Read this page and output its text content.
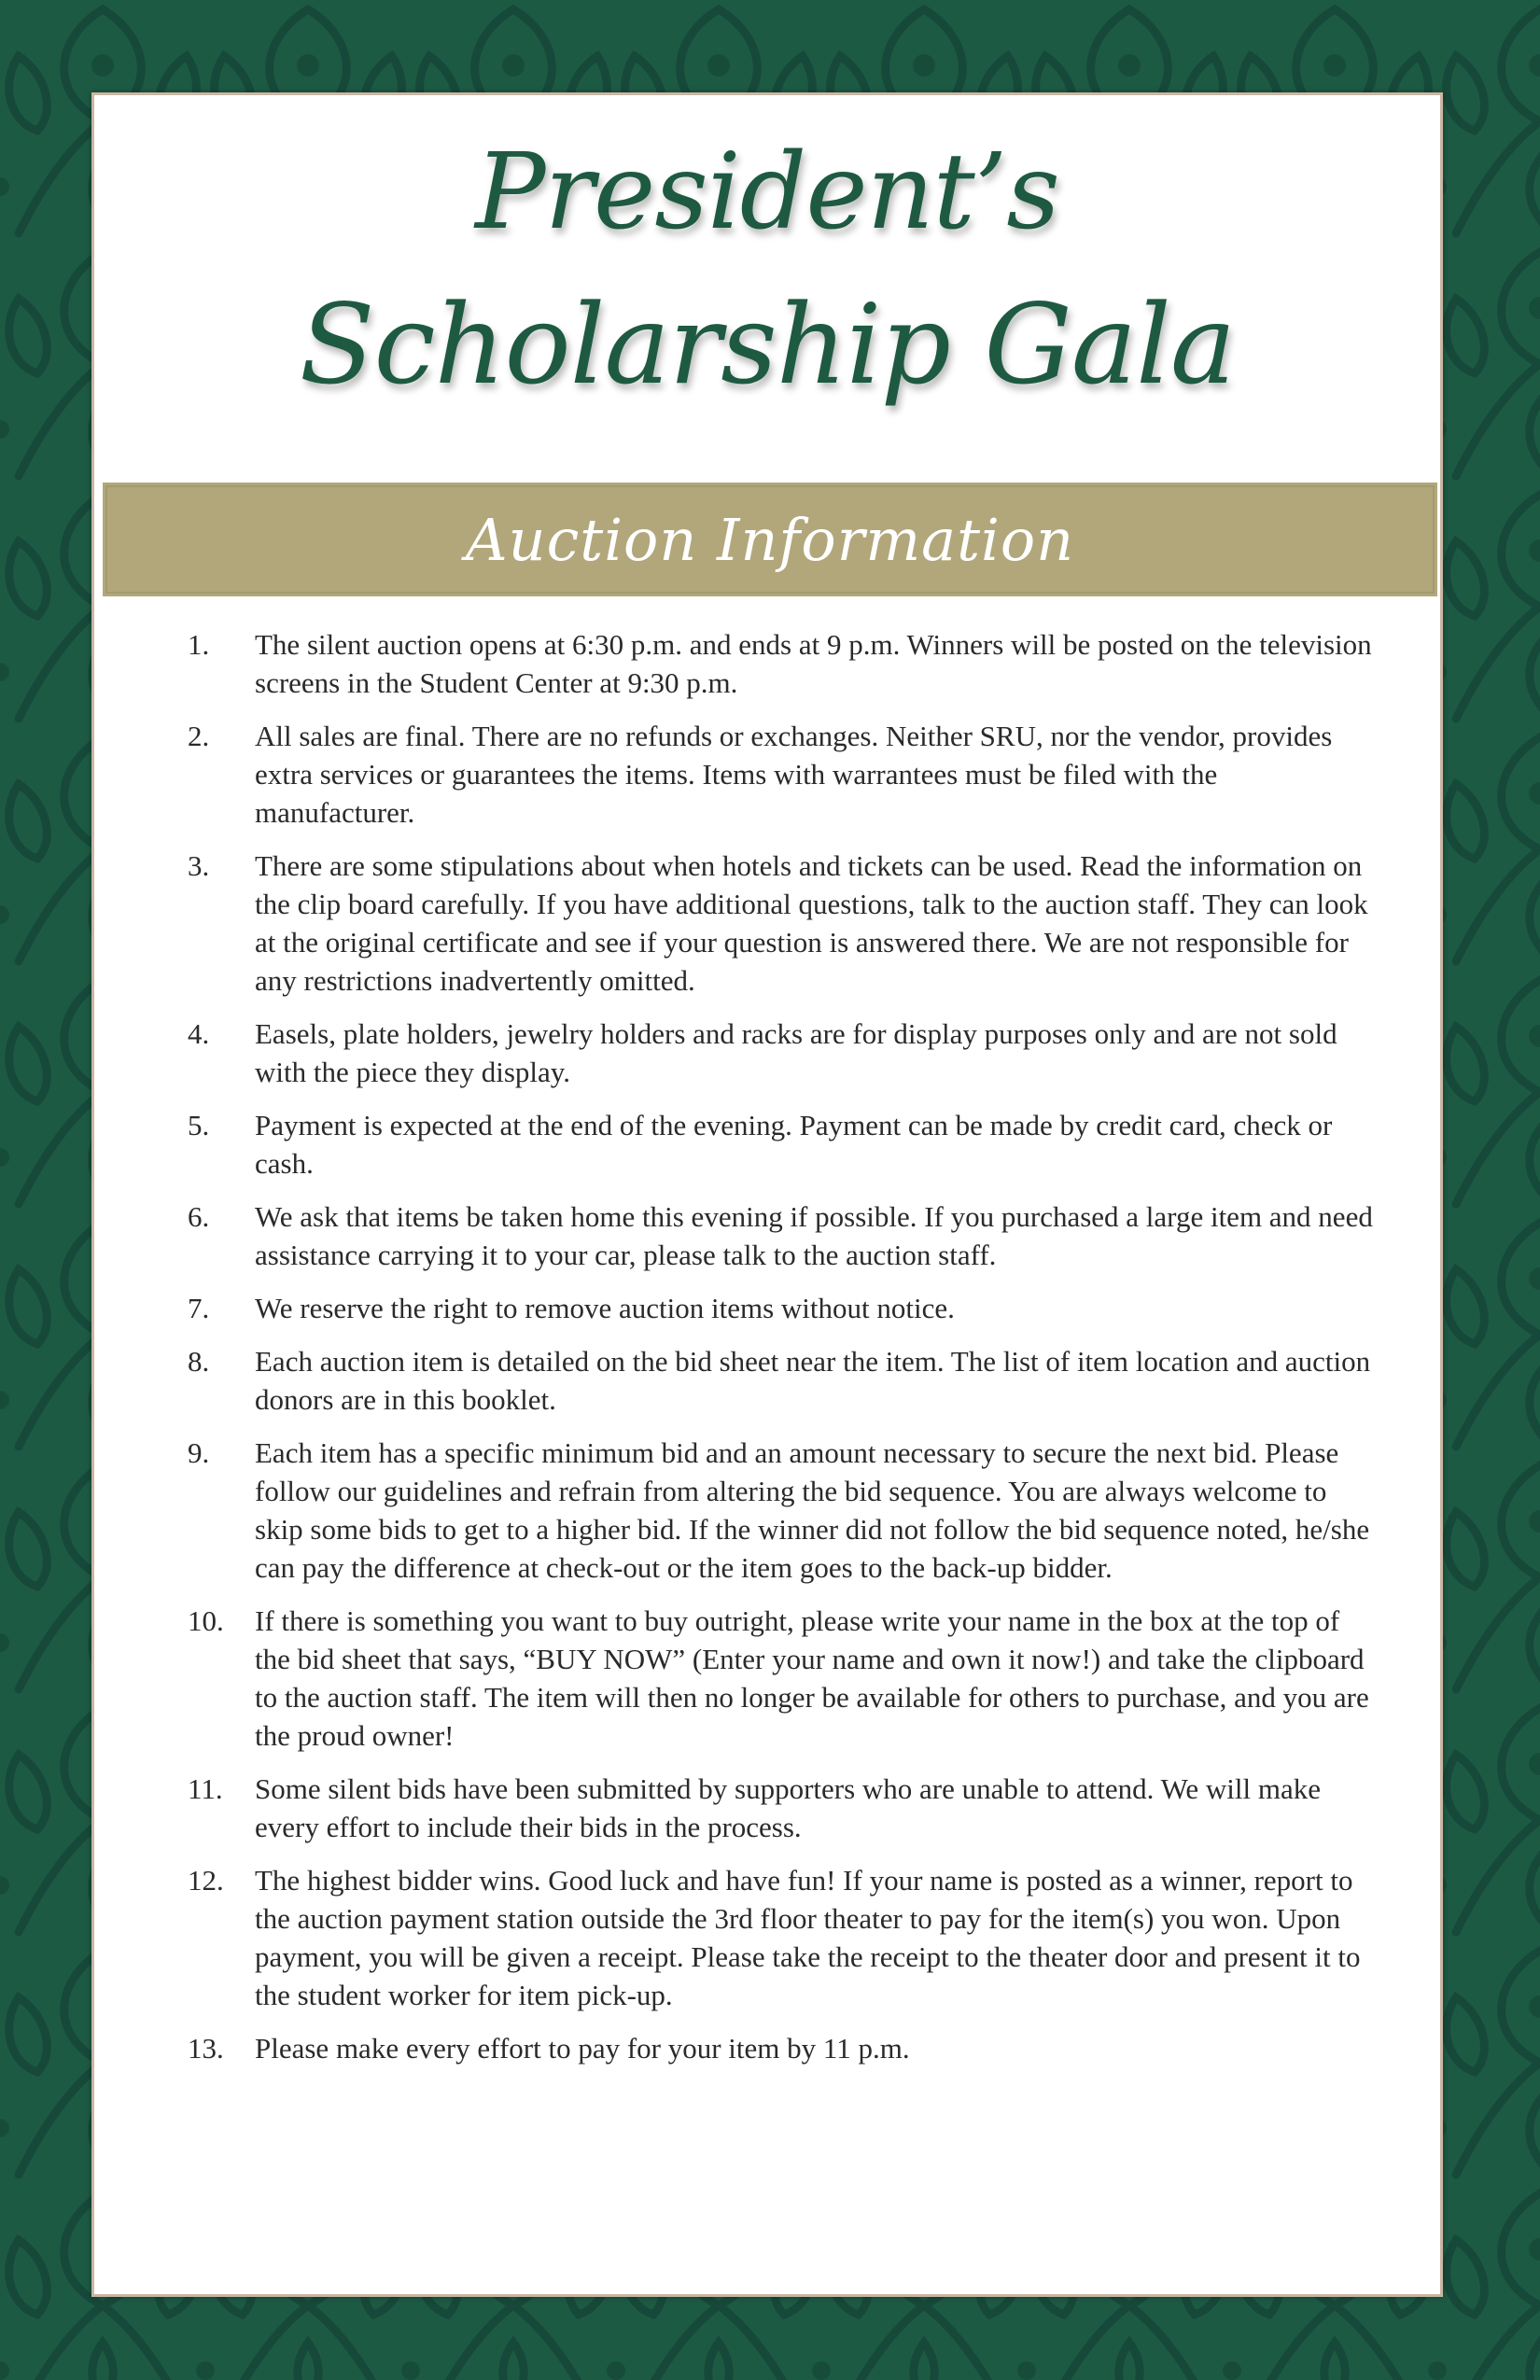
President’s
Scholarship Gala
Auction Information
1.	The silent auction opens at 6:30 p.m. and ends at 9 p.m. Winners will be posted on the television screens in the Student Center at 9:30 p.m.
2.	All sales are final. There are no refunds or exchanges. Neither SRU, nor the vendor, provides extra services or guarantees the items. Items with warrantees must be filed with the manufacturer.
3.	There are some stipulations about when hotels and tickets can be used. Read the information on the clip board carefully. If you have additional questions, talk to the auction staff. They can look at the original certificate and see if your question is answered there. We are not responsible for any restrictions inadvertently omitted.
4.	Easels, plate holders, jewelry holders and racks are for display purposes only and are not sold with the piece they display.
5.	Payment is expected at the end of the evening. Payment can be made by credit card, check or cash.
6.	We ask that items be taken home this evening if possible. If you purchased a large item and need assistance carrying it to your car, please talk to the auction staff.
7.	We reserve the right to remove auction items without notice.
8.	Each auction item is detailed on the bid sheet near the item. The list of item location and auction donors are in this booklet.
9.	Each item has a specific minimum bid and an amount necessary to secure the next bid. Please follow our guidelines and refrain from altering the bid sequence. You are always welcome to skip some bids to get to a higher bid. If the winner did not follow the bid sequence noted, he/she can pay the difference at check-out or the item goes to the back-up bidder.
10.	If there is something you want to buy outright, please write your name in the box at the top of the bid sheet that says, “BUY NOW” (Enter your name and own it now!) and take the clipboard to the auction staff. The item will then no longer be available for others to purchase, and you are the proud owner!
11.	Some silent bids have been submitted by supporters who are unable to attend. We will make every effort to include their bids in the process.
12.	The highest bidder wins. Good luck and have fun! If your name is posted as a winner, report to the auction payment station outside the 3rd floor theater to pay for the item(s) you won. Upon payment, you will be given a receipt. Please take the receipt to the theater door and present it to the student worker for item pick-up.
13.	Please make every effort to pay for your item by 11 p.m.
